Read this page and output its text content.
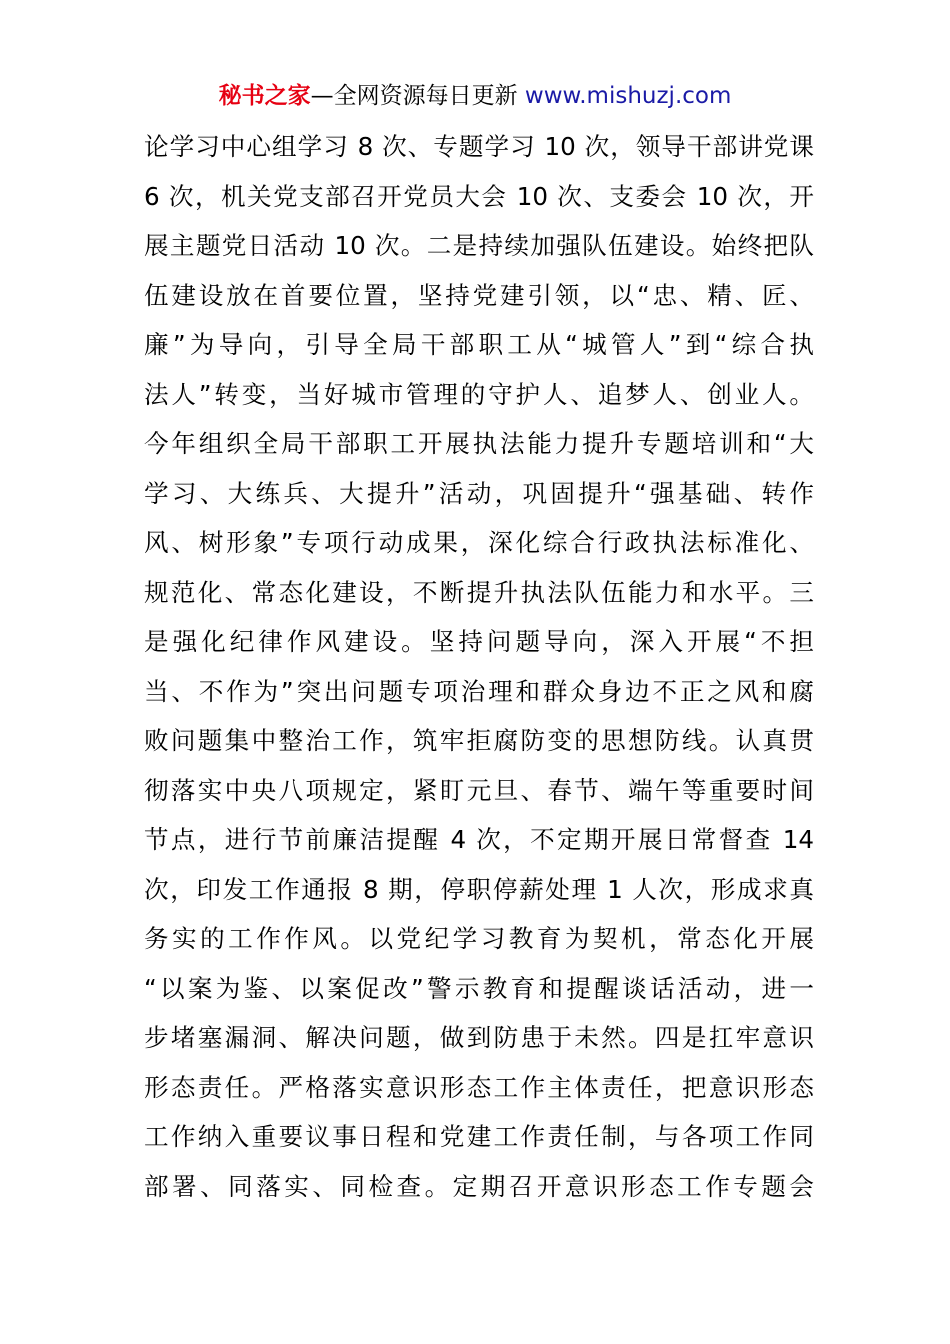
秘书之家—全网资源每日更新 www.mishuzj.com
论学习中心组学习 8 次、专题学习 10 次，领导干部讲党课
6 次，机关党支部召开党员大会 10 次、支委会 10 次，开
展主题党日活动 10 次。二是持续加强队伍建设。始终把队
伍建设放在首要位置，坚持党建引领，以“忠、精、匠、
廉”为导向，引导全局干部职工从“城管人”到“综合执
法人”转变，当好城市管理的守护人、追梦人、创业人。
今年组织全局干部职工开展执法能力提升专题培训和“大
学习、大练兵、大提升”活动，巩固提升“强基础、转作
风、树形象”专项行动成果，深化综合行政执法标准化、
规范化、常态化建设，不断提升执法队伍能力和水平。三
是强化纪律作风建设。坚持问题导向，深入开展“不担
当、不作为”突出问题专项治理和群众身边不正之风和腐
败问题集中整治工作，筑牢拒腐防变的思想防线。认真贯
彻落实中央八项规定，紧盯元旦、春节、端午等重要时间
节点，进行节前廉洁提醒 4 次，不定期开展日常督查 14
次，印发工作通报 8 期，停职停薪处理 1 人次，形成求真
务实的工作作风。以党纪学习教育为契机，常态化开展
“以案为鉴、以案促改”警示教育和提醒谈话活动，进一
步堵塞漏洞、解决问题，做到防患于未然。四是扛牢意识
形态责任。严格落实意识形态工作主体责任，把意识形态
工作纳入重要议事日程和党建工作责任制，与各项工作同
部署、同落实、同检查。定期召开意识形态工作专题会
